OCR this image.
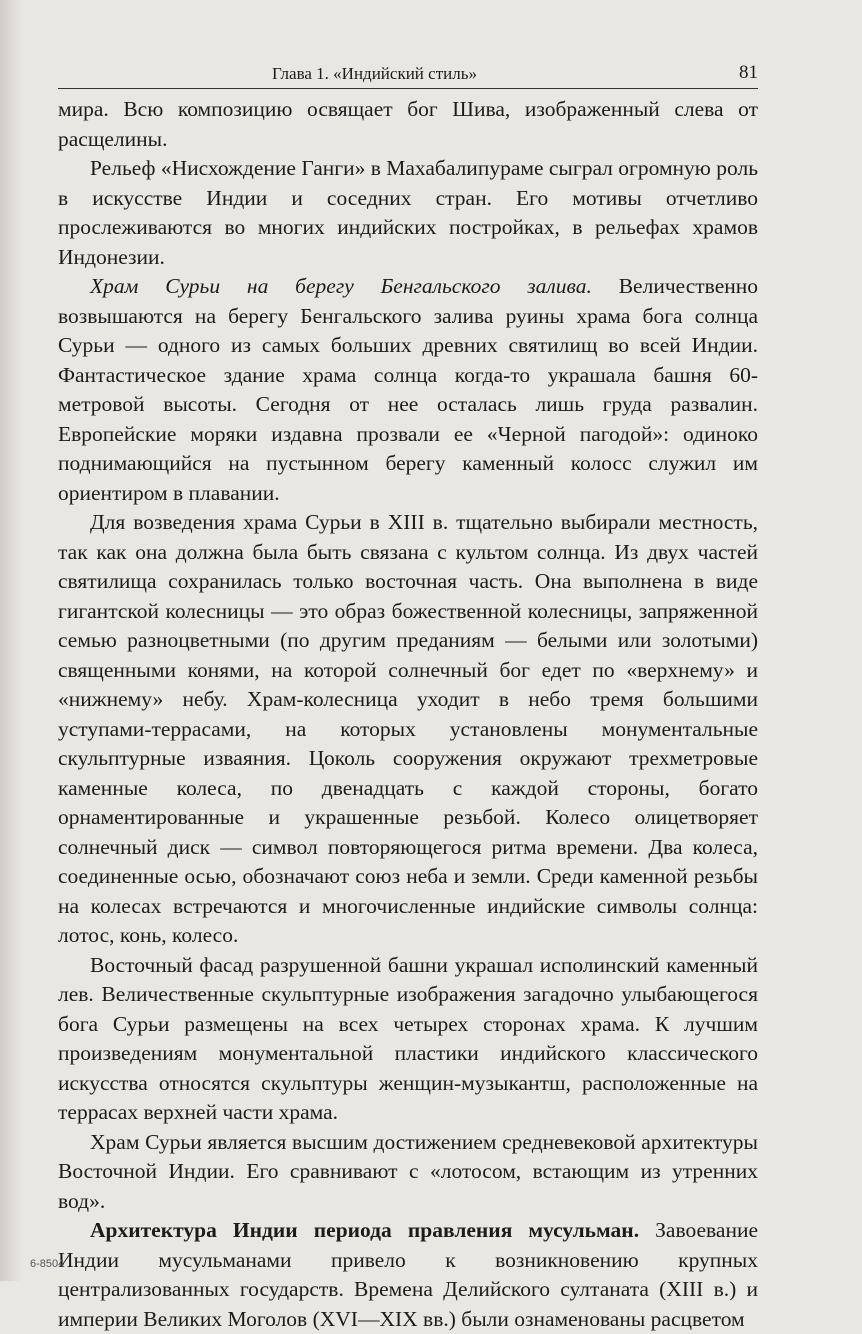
Глава 1. «Индийский стиль»	81

мира. Всю композицию освящает бог Шива, изображенный слева от расщелины.

Рельеф «Нисхождение Ганги» в Махабалипураме сыграл огромную роль в искусстве Индии и соседних стран. Его мотивы отчетливо прослеживаются во многих индийских постройках, в рельефах храмов Индонезии.

Храм Сурьи на берегу Бенгальского залива. Величественно возвышаются на берегу Бенгальского залива руины храма бога солнца Сурьи — одного из самых больших древних святилищ во всей Индии. Фантастическое здание храма солнца когда-то украшала башня 60-метровой высоты. Сегодня от нее осталась лишь груда развалин. Европейские моряки издавна прозвали ее «Черной пагодой»: одиноко поднимающийся на пустынном берегу каменный колосс служил им ориентиром в плавании.

Для возведения храма Сурьи в XIII в. тщательно выбирали местность, так как она должна была быть связана с культом солнца. Из двух частей святилища сохранилась только восточная часть. Она выполнена в виде гигантской колесницы — это образ божественной колесницы, запряженной семью разноцветными (по другим преданиям — белыми или золотыми) священными конями, на которой солнечный бог едет по «верхнему» и «нижнему» небу. Храм-колесница уходит в небо тремя большими уступами-террасами, на которых установлены монументальные скульптурные изваяния. Цоколь сооружения окружают трехметровые каменные колеса, по двенадцать с каждой стороны, богато орнаментированные и украшенные резьбой. Колесо олицетворяет солнечный диск — символ повторяющегося ритма времени. Два колеса, соединенные осью, обозначают союз неба и земли. Среди каменной резьбы на колесах встречаются и многочисленные индийские символы солнца: лотос, конь, колесо.

Восточный фасад разрушенной башни украшал исполинский каменный лев. Величественные скульптурные изображения загадочно улыбающегося бога Сурьи размещены на всех четырех сторонах храма. К лучшим произведениям монументальной пластики индийского классического искусства относятся скульптуры женщин-музыкантш, расположенные на террасах верхней части храма.

Храм Сурьи является высшим достижением средневековой архитектуры Восточной Индии. Его сравнивают с «лотосом, встающим из утренних вод».

Архитектура Индии периода правления мусульман. Завоевание Индии мусульманами привело к возникновению крупных централизованных государств. Времена Делийского султаната (XIII в.) и империи Великих Моголов (XVI—XIX вв.) были ознаменованы расцветом

6-8504
